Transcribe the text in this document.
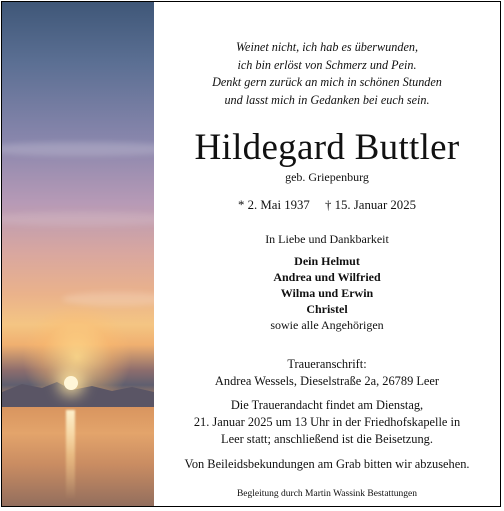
Weinet nicht, ich hab es überwunden,
ich bin erlöst von Schmerz und Pein.
Denkt gern zurück an mich in schönen Stunden
und lasst mich in Gedanken bei euch sein.
Hildegard Buttler
geb. Griepenburg
* 2. Mai 1937 † 15. Januar 2025
In Liebe und Dankbarkeit
Dein Helmut
Andrea und Wilfried
Wilma und Erwin
Christel
sowie alle Angehörigen
Traueranschrift:
Andrea Wessels, Dieselstraße 2a, 26789 Leer
Die Trauerandacht findet am Dienstag,
21. Januar 2025 um 13 Uhr in der Friedhofskapelle in
Leer statt; anschließend ist die Beisetzung.
Von Beileidsbekundungen am Grab bitten wir abzusehen.
Begleitung durch Martin Wassink Bestattungen
